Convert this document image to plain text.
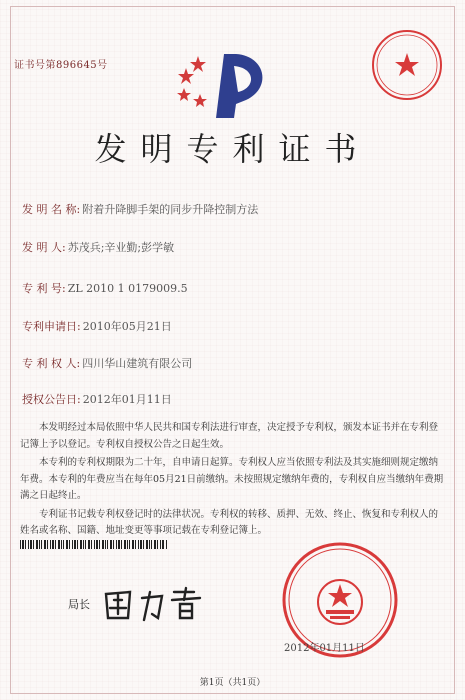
证书号第896645号
发明专利证书
发 明 名 称: 附着升降脚手架的同步升降控制方法
发 明 人: 苏茂兵;辛业勤;彭学敏
专 利 号: ZL 2010 1 0179009.5
专利申请日: 2010年05月21日
专 利 权 人: 四川华山建筑有限公司
授权公告日: 2012年01月11日

本发明经过本局依照中华人民共和国专利法进行审查，决定授予专利权，颁发本证书并在专利登记簿上予以登记。专利权自授权公告之日起生效。

本专利的专利权期限为二十年，自申请日起算。专利权人应当依照专利法及其实施细则规定缴纳年费。本专利的年费应当在每年05月21日前缴纳。未按照规定缴纳年费的，专利权自应当缴纳年费期满之日起终止。

专利证书记载专利权登记时的法律状况。专利权的转移、质押、无效、终止、恢复和专利权人的姓名或名称、国籍、地址变更等事项记载在专利登记簿上。

局长
2012年01月11日
第1页（共1页）
